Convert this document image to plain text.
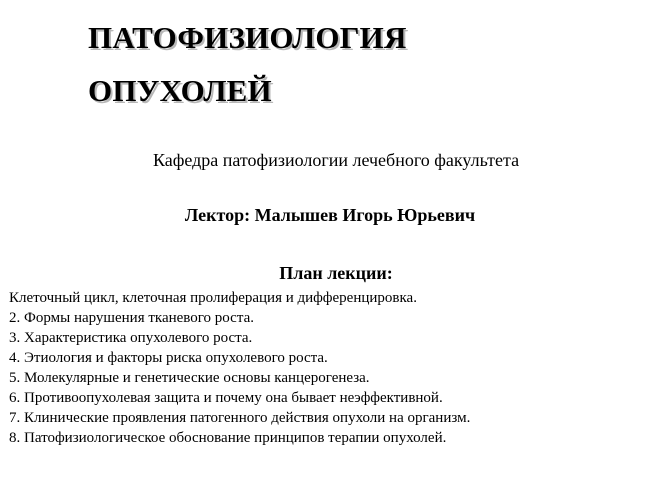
ПАТОФИЗИОЛОГИЯ
ОПУХОЛЕЙ
Кафедра патофизиологии лечебного факультета
Лектор: Малышев Игорь Юрьевич
План лекции:
Клеточный цикл, клеточная пролиферация и дифференцировка.
2. Формы нарушения тканевого роста.
3. Характеристика опухолевого роста.
4. Этиология и факторы риска опухолевого роста.
5. Молекулярные и генетические основы канцерогенеза.
6. Противоопухолевая защита и почему она бывает неэффективной.
7. Клинические проявления патогенного действия опухоли на организм.
8. Патофизиологическое обоснование принципов терапии опухолей.
